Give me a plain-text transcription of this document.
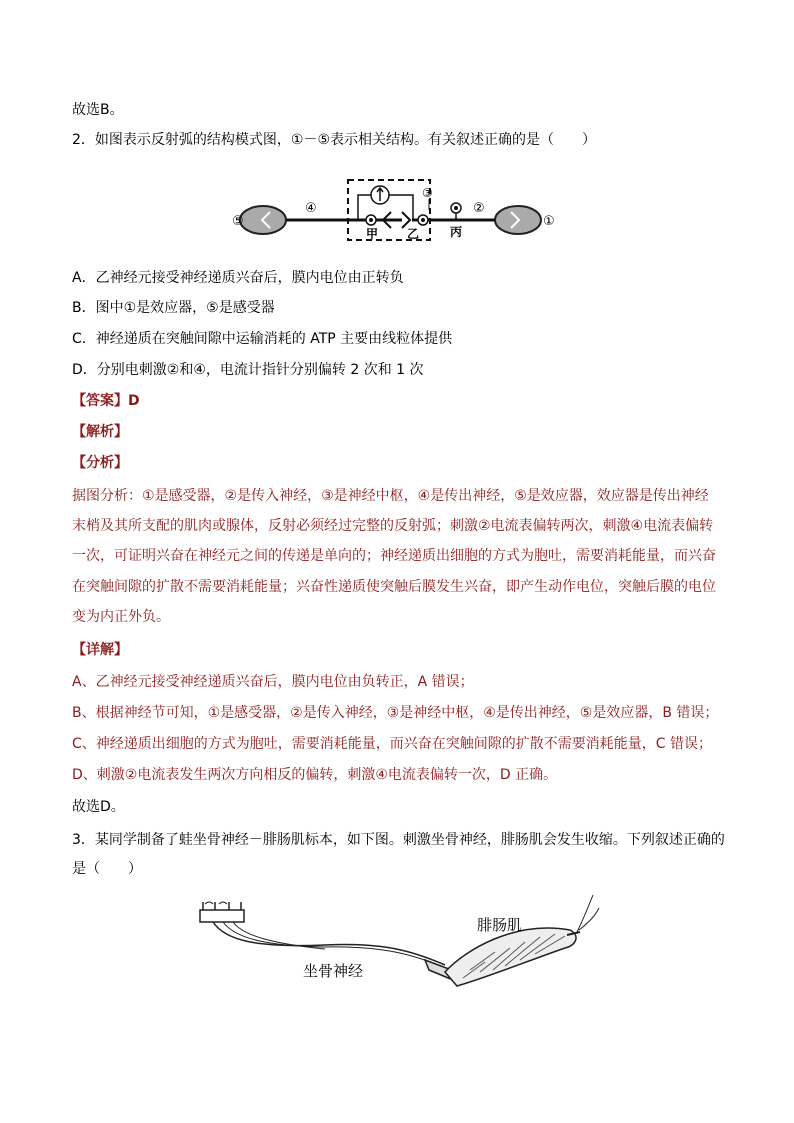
故选B。
2．如图表示反射弧的结构模式图，①－⑤表示相关结构。有关叙述正确的是（　　）
⑤
④
③
②
①
甲 乙	丙
A．乙神经元接受神经递质兴奋后，膜内电位由正转负
B．图中①是效应器，⑤是感受器
C．神经递质在突触间隙中运输消耗的 ATP 主要由线粒体提供
D．分别电刺激②和④，电流计指针分别偏转 2 次和 1 次
【答案】D
【解析】
【分析】
据图分析：①是感受器，②是传入神经，③是神经中枢，④是传出神经，⑤是效应器，效应器是传出神经
末梢及其所支配的肌肉或腺体，反射必须经过完整的反射弧；刺激②电流表偏转两次，刺激④电流表偏转
一次，可证明兴奋在神经元之间的传递是单向的；神经递质出细胞的方式为胞吐，需要消耗能量，而兴奋
在突触间隙的扩散不需要消耗能量；兴奋性递质使突触后膜发生兴奋，即产生动作电位，突触后膜的电位
变为内正外负。
【详解】
A、乙神经元接受神经递质兴奋后，膜内电位由负转正，A 错误；
B、根据神经节可知，①是感受器，②是传入神经，③是神经中枢，④是传出神经，⑤是效应器，B 错误；
C、神经递质出细胞的方式为胞吐，需要消耗能量，而兴奋在突触间隙的扩散不需要消耗能量，C 错误；
D、刺激②电流表发生两次方向相反的偏转，刺激④电流表偏转一次，D 正确。
故选D。
3．某同学制备了蛙坐骨神经－腓肠肌标本，如下图。刺激坐骨神经，腓肠肌会发生收缩。下列叙述正确的
是（　　）
腓肠肌
坐骨神经
